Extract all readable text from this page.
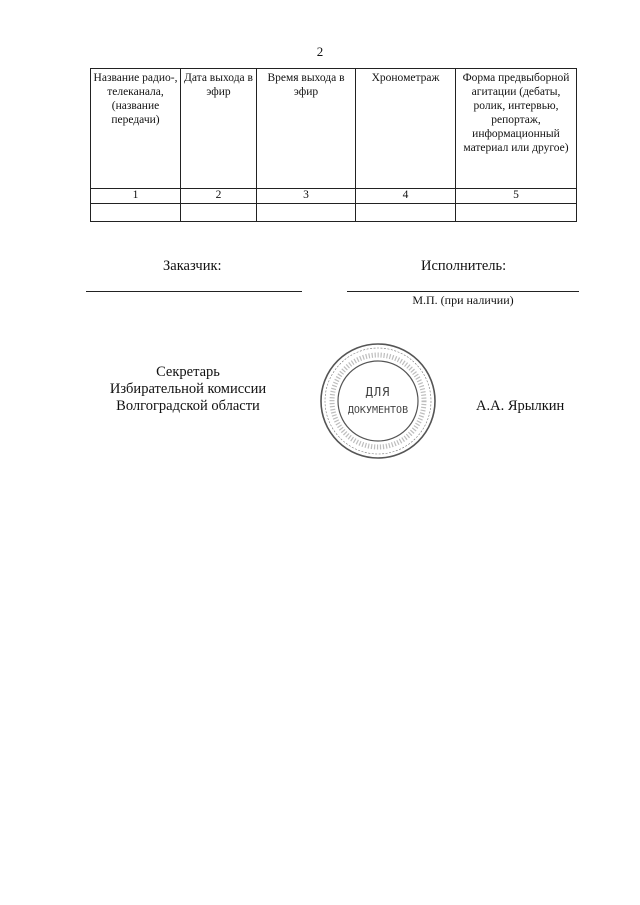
2
Название радио-, телеканала, (название передачи)	Дата выхода в эфир	Время выхода в эфир	Хронометраж	Форма предвыборной агитации (дебаты, ролик, интервью, репортаж, информационный материал или другое)
1	2	3	4	5

Заказчик:	Исполнитель:
М.П. (при наличии)
Секретарь
Избирательной комиссии
Волгоградской области
ДЛЯ
ДОКУМЕНТОВ	А.А. Ярылкин
